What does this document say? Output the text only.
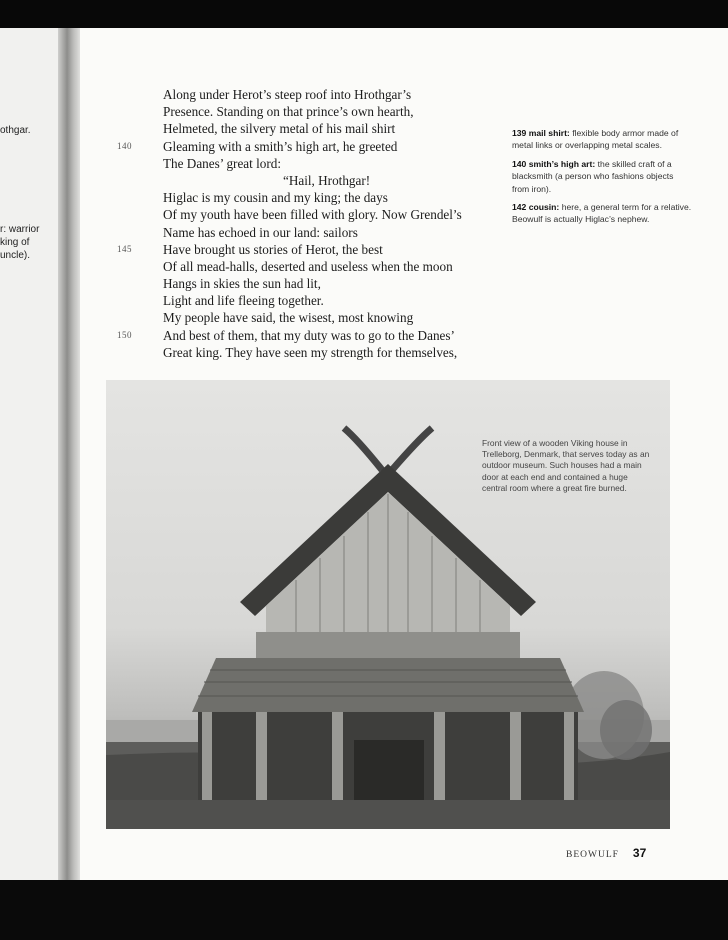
othgar.
r: warrior
king of
uncle).
Along under Herot’s steep roof into Hrothgar’s
Presence. Standing on that prince’s own hearth,
Helmeted, the silvery metal of his mail shirt
140	Gleaming with a smith’s high art, he greeted
The Danes’ great lord:
“Hail, Hrothgar!
Higlac is my cousin and my king; the days
Of my youth have been filled with glory. Now Grendel’s
Name has echoed in our land: sailors
145	Have brought us stories of Herot, the best
Of all mead-halls, deserted and useless when the moon
Hangs in skies the sun had lit,
Light and life fleeing together.
My people have said, the wisest, most knowing
150	And best of them, that my duty was to go to the Danes’
Great king. They have seen my strength for themselves,

139 mail shirt: flexible body armor made of metal links or overlapping metal scales.

140 smith’s high art: the skilled craft of a blacksmith (a person who fashions objects from iron).

142 cousin: here, a general term for a relative. Beowulf is actually Higlac’s nephew.

Front view of a wooden Viking house in Trelleborg, Denmark, that serves today as an outdoor museum. Such houses had a main door at each end and contained a huge central room where a great fire burned.
BEOWULF 37
